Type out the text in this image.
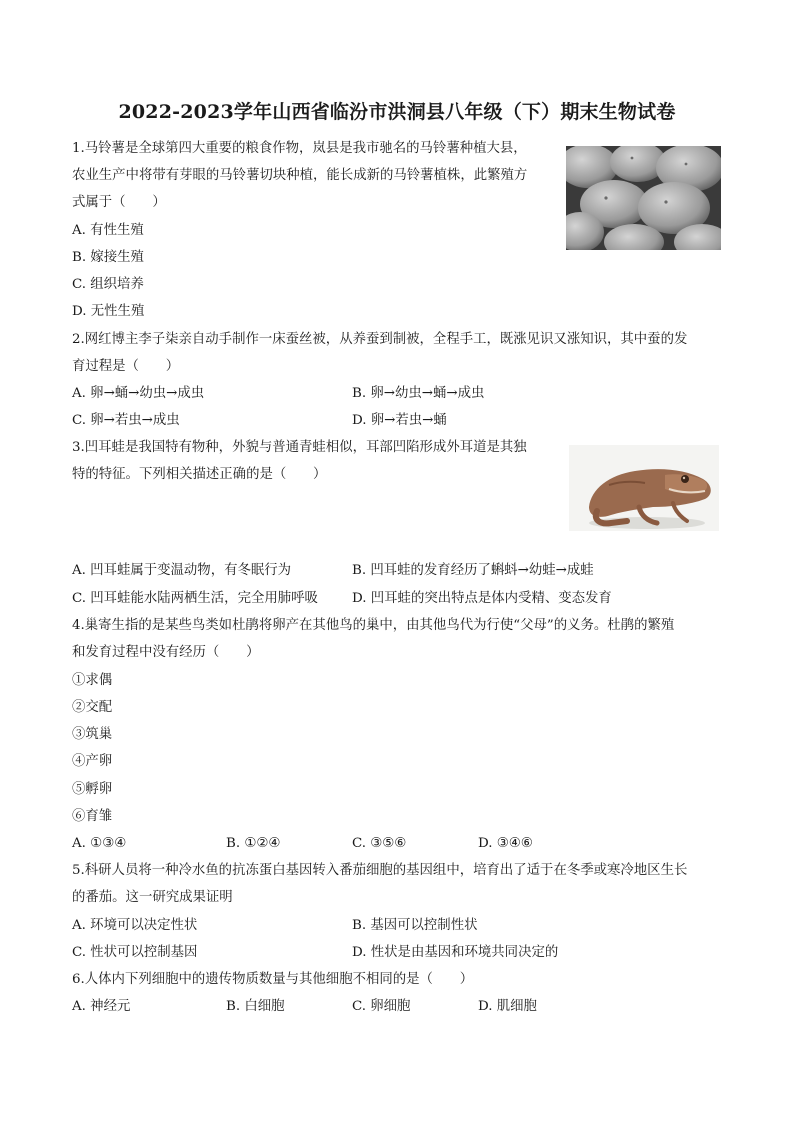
2022-2023学年山西省临汾市洪洞县八年级（下）期末生物试卷
1.马铃薯是全球第四大重要的粮食作物，岚县是我市驰名的马铃薯种植大县，
农业生产中将带有芽眼的马铃薯切块种植，能长成新的马铃薯植株，此繁殖方
式属于（　　）
A. 有性生殖
B. 嫁接生殖
C. 组织培养
D. 无性生殖
2.网红博主李子柒亲自动手制作一床蚕丝被，从养蚕到制被，全程手工，既涨见识又涨知识，其中蚕的发
育过程是（　　）
A. 卵→蛹→幼虫→成虫	B. 卵→幼虫→蛹→成虫
C. 卵→若虫→成虫	D. 卵→若虫→蛹
3.凹耳蛙是我国特有物种，外貌与普通青蛙相似，耳部凹陷形成外耳道是其独
特的特征。下列相关描述正确的是（　　）
A. 凹耳蛙属于变温动物，有冬眠行为	B. 凹耳蛙的发育经历了蝌蚪→幼蛙→成蛙
C. 凹耳蛙能水陆两栖生活，完全用肺呼吸	D. 凹耳蛙的突出特点是体内受精、变态发育
4.巢寄生指的是某些鸟类如杜鹃将卵产在其他鸟的巢中，由其他鸟代为行使“父母”的义务。杜鹃的繁殖
和发育过程中没有经历（　　）
①求偶
②交配
③筑巢
④产卵
⑤孵卵
⑥育雏
A. ①③④	B. ①②④	C. ③⑤⑥	D. ③④⑥
5.科研人员将一种冷水鱼的抗冻蛋白基因转入番茄细胞的基因组中，培育出了适于在冬季或寒冷地区生长
的番茄。这一研究成果证明
A. 环境可以决定性状	B. 基因可以控制性状
C. 性状可以控制基因	D. 性状是由基因和环境共同决定的
6.人体内下列细胞中的遗传物质数量与其他细胞不相同的是（　　）
A. 神经元	B. 白细胞	C. 卵细胞	D. 肌细胞
